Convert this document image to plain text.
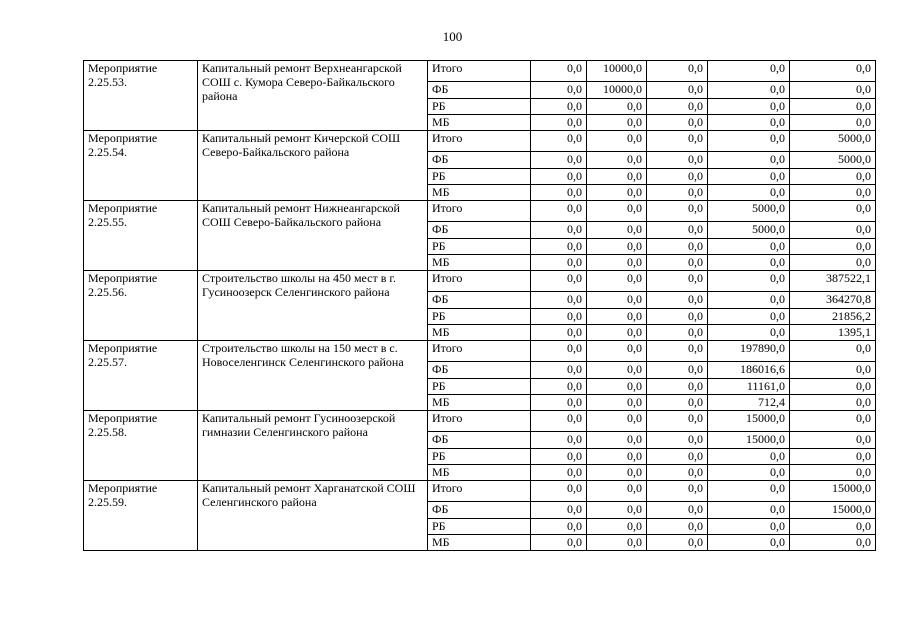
100
Мероприятие 2.25.53.	Капитальный ремонт Верхнеангарской СОШ с. Кумора Северо-Байкальского района	Итого	0,0	10000,0	0,0	0,0	0,0
		ФБ	0,0	10000,0	0,0	0,0	0,0
		РБ	0,0	0,0	0,0	0,0	0,0
		МБ	0,0	0,0	0,0	0,0	0,0
Мероприятие 2.25.54.	Капитальный ремонт Кичерской СОШ Северо-Байкальского района	Итого	0,0	0,0	0,0	0,0	5000,0
		ФБ	0,0	0,0	0,0	0,0	5000,0
		РБ	0,0	0,0	0,0	0,0	0,0
		МБ	0,0	0,0	0,0	0,0	0,0
Мероприятие 2.25.55.	Капитальный ремонт Нижнеангарской СОШ Северо-Байкальского района	Итого	0,0	0,0	0,0	5000,0	0,0
		ФБ	0,0	0,0	0,0	5000,0	0,0
		РБ	0,0	0,0	0,0	0,0	0,0
		МБ	0,0	0,0	0,0	0,0	0,0
Мероприятие 2.25.56.	Строительство школы на 450 мест в г. Гусиноозерск Селенгинского района	Итого	0,0	0,0	0,0	0,0	387522,1
		ФБ	0,0	0,0	0,0	0,0	364270,8
		РБ	0,0	0,0	0,0	0,0	21856,2
		МБ	0,0	0,0	0,0	0,0	1395,1
Мероприятие 2.25.57.	Строительство школы на 150 мест в с. Новоселенгинск Селенгинского района	Итого	0,0	0,0	0,0	197890,0	0,0
		ФБ	0,0	0,0	0,0	186016,6	0,0
		РБ	0,0	0,0	0,0	11161,0	0,0
		МБ	0,0	0,0	0,0	712,4	0,0
Мероприятие 2.25.58.	Капитальный ремонт Гусиноозерской гимназии Селенгинского района	Итого	0,0	0,0	0,0	15000,0	0,0
		ФБ	0,0	0,0	0,0	15000,0	0,0
		РБ	0,0	0,0	0,0	0,0	0,0
		МБ	0,0	0,0	0,0	0,0	0,0
Мероприятие 2.25.59.	Капитальный ремонт Харганатской СОШ Селенгинского района	Итого	0,0	0,0	0,0	0,0	15000,0
		ФБ	0,0	0,0	0,0	0,0	15000,0
		РБ	0,0	0,0	0,0	0,0	0,0
		МБ	0,0	0,0	0,0	0,0	0,0
